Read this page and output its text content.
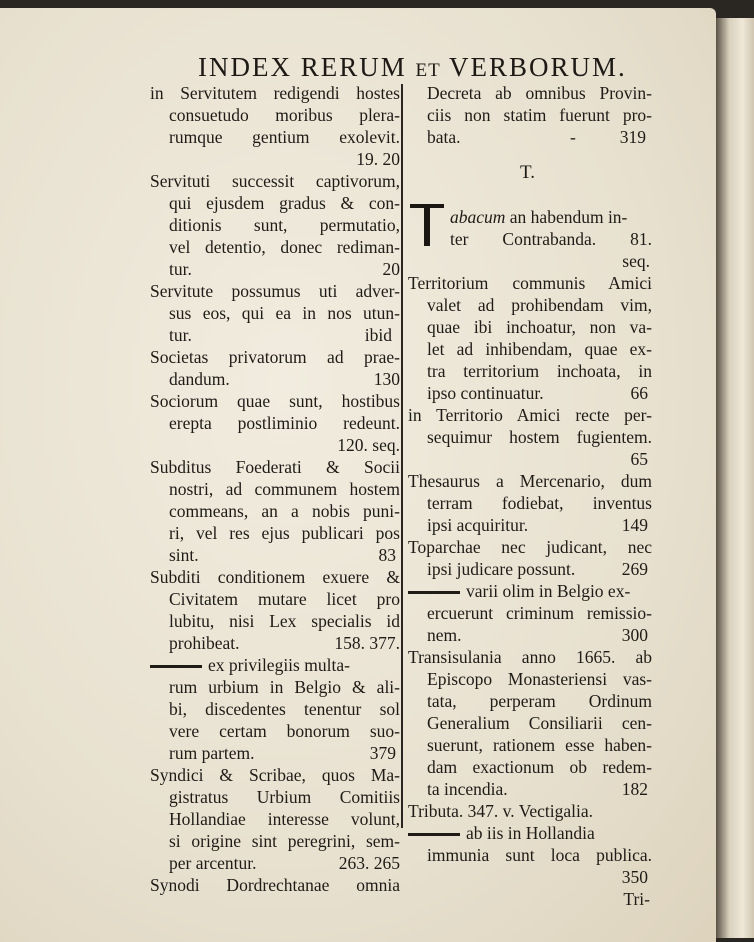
INDEX RERUM ET VERBORUM.
in Servitutem redigendi hostes
consuetudo moribus plera-
rumque gentium exolevit.
19. 20
Servituti successit captivorum,
qui ejusdem gradus & con-
ditionis sunt, permutatio,
vel detentio, donec rediman-
tur.	20
Servitute possumus uti adver-
sus eos, qui ea in nos utun-
tur.	ibid
Societas privatorum ad prae-
dandum.	130
Sociorum quae sunt, hostibus
erepta postliminio redeunt.
120. seq.
Subditus Foederati & Socii
nostri, ad communem hostem
commeans, an a nobis puni-
ri, vel res ejus publicari pos
sint.	83
Subditi conditionem exuere &
Civitatem mutare licet pro
lubitu, nisi Lex specialis id
prohibeat.	158. 377.
ex privilegiis multa-
rum urbium in Belgio & ali-
bi, discedentes tenentur sol
vere certam bonorum suo-
rum partem.	379
Syndici & Scribae, quos Ma-
gistratus Urbium Comitiis
Hollandiae interesse volunt,
si origine sint peregrini, sem-
per arcentur.	263. 265
Synodi Dordrechtanae omnia
Decreta ab omnibus Provin-
ciis non statim fuerunt pro-
bata.	-	319
T.
abacum an habendum in-
ter Contrabanda. 81.
seq.
Territorium communis Amici
valet ad prohibendam vim,
quae ibi inchoatur, non va-
let ad inhibendam, quae ex-
tra territorium inchoata, in
ipso continuatur.	66
in Territorio Amici recte per-
sequimur hostem fugientem.
65
Thesaurus a Mercenario, dum
terram fodiebat, inventus
ipsi acquiritur.	149
Toparchae nec judicant, nec
ipsi judicare possunt.	269
varii olim in Belgio ex-
ercuerunt criminum remissio-
nem.	300
Transisulania anno 1665. ab
Episcopo Monasteriensi vas-
tata, perperam Ordinum
Generalium Consiliarii cen-
suerunt, rationem esse haben-
dam exactionum ob redem-
ta incendia.	182
Tributa. 347. v. Vectigalia.
ab iis in Hollandia
immunia sunt loca publica.
350
Tri-
